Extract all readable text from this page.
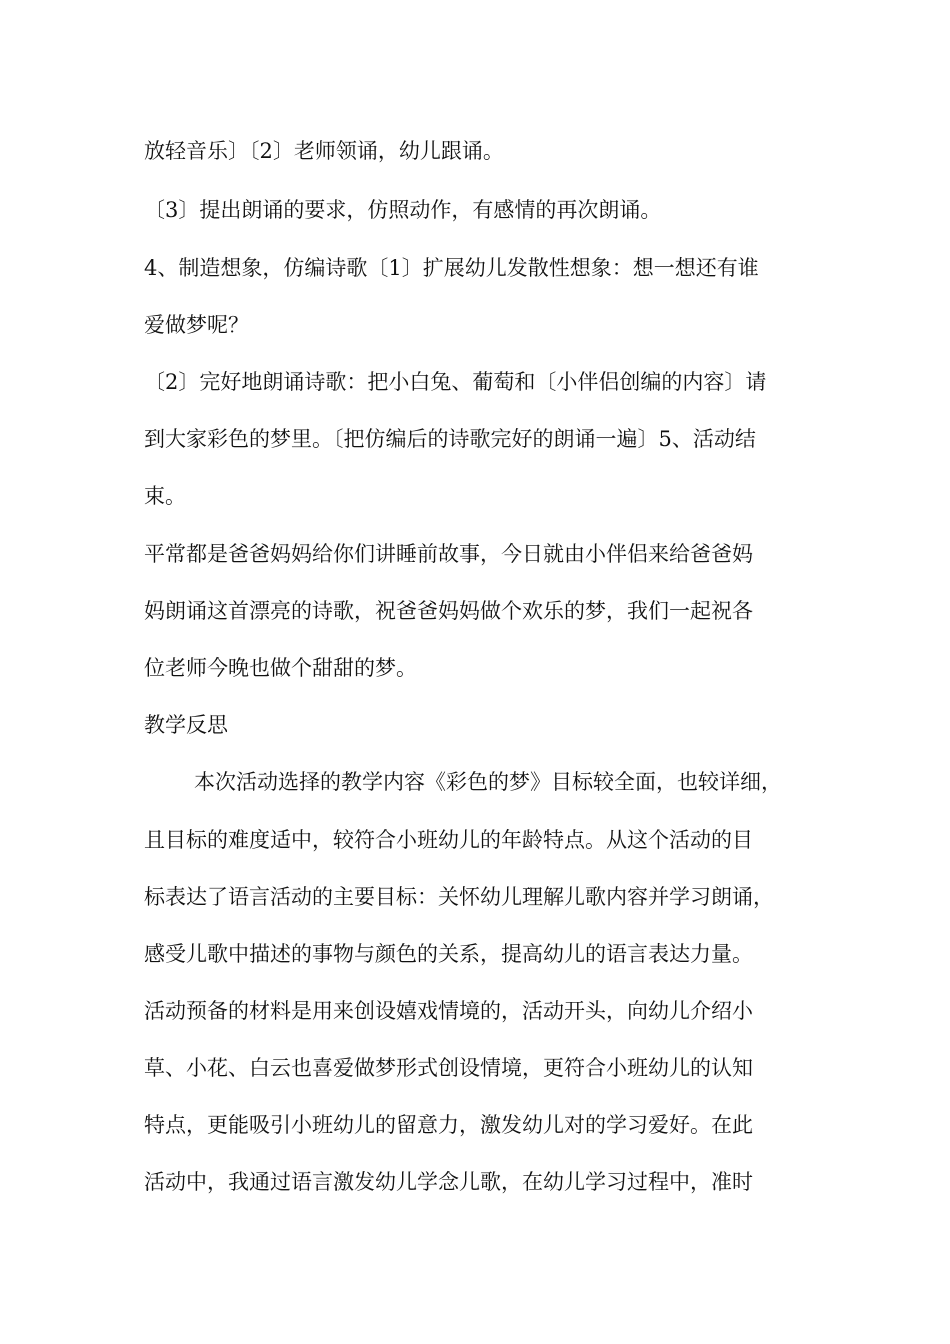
放轻音乐〕〔2〕老师领诵，幼儿跟诵。
〔3〕提出朗诵的要求，仿照动作，有感情的再次朗诵。
4、制造想象，仿编诗歌〔1〕扩展幼儿发散性想象：想一想还有谁
爱做梦呢？
〔2〕完好地朗诵诗歌：把小白兔、葡萄和〔小伴侣创编的内容〕请
到大家彩色的梦里。〔把仿编后的诗歌完好的朗诵一遍〕5、活动结
束。
平常都是爸爸妈妈给你们讲睡前故事，今日就由小伴侣来给爸爸妈
妈朗诵这首漂亮的诗歌，祝爸爸妈妈做个欢乐的梦，我们一起祝各
位老师今晚也做个甜甜的梦。
教学反思
本次活动选择的教学内容《彩色的梦》目标较全面，也较详细，
且目标的难度适中，较符合小班幼儿的年龄特点。从这个活动的目
标表达了语言活动的主要目标：关怀幼儿理解儿歌内容并学习朗诵，
感受儿歌中描述的事物与颜色的关系，提高幼儿的语言表达力量。
活动预备的材料是用来创设嬉戏情境的，活动开头，向幼儿介绍小
草、小花、白云也喜爱做梦形式创设情境，更符合小班幼儿的认知
特点，更能吸引小班幼儿的留意力，激发幼儿对的学习爱好。在此
活动中，我通过语言激发幼儿学念儿歌，在幼儿学习过程中，准时
